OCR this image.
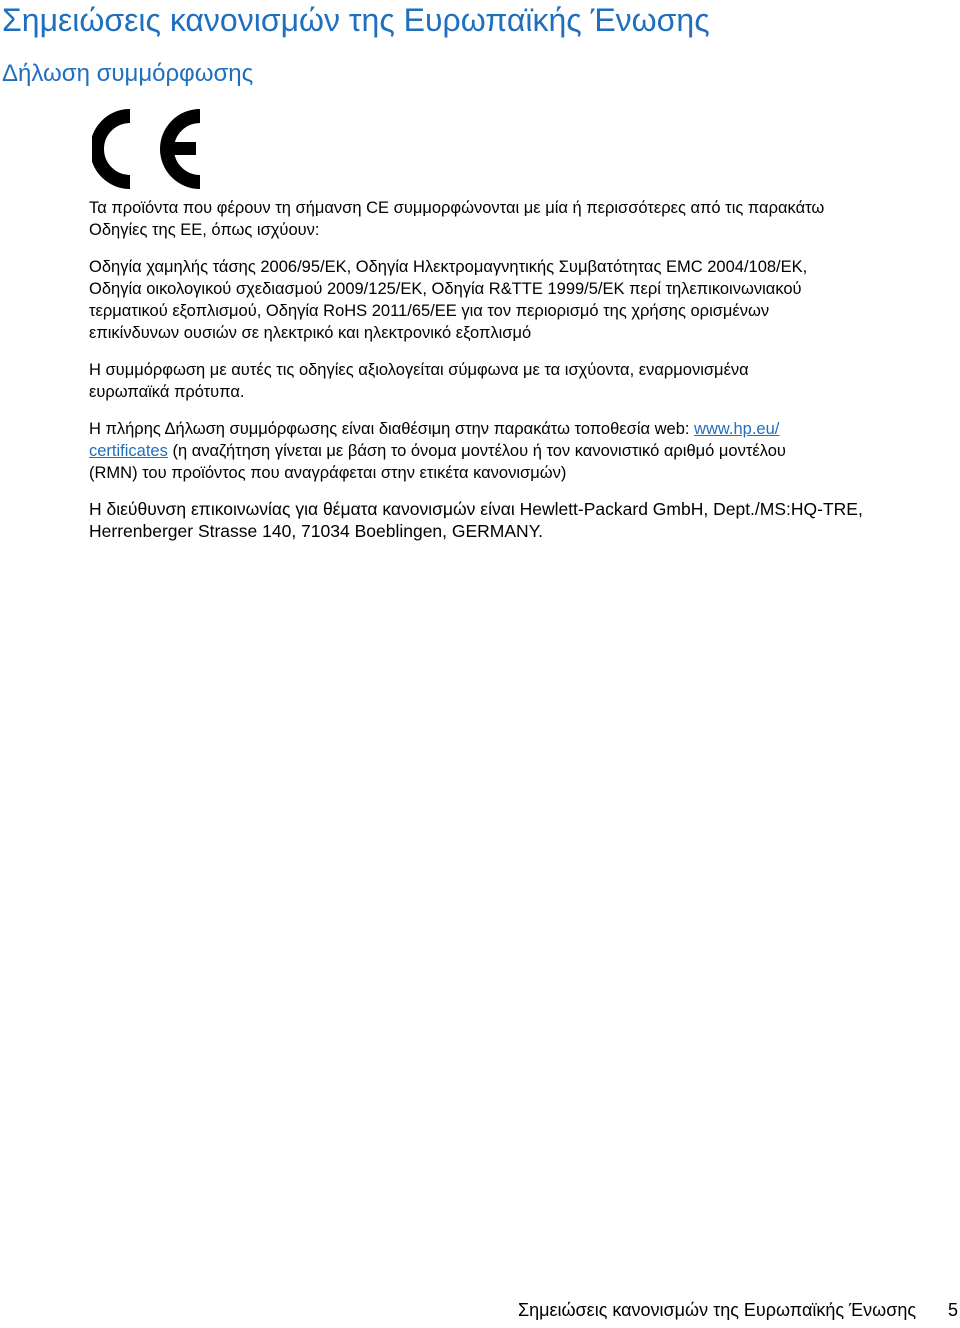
Σημειώσεις κανονισμών της Ευρωπαϊκής Ένωσης
Δήλωση συμμόρφωσης

Τα προϊόντα που φέρουν τη σήμανση CE συμμορφώνονται με μία ή περισσότερες από τις παρακάτω
Οδηγίες της ΕΕ, όπως ισχύουν:

Οδηγία χαμηλής τάσης 2006/95/ΕΚ, Οδηγία Ηλεκτρομαγνητικής Συμβατότητας EMC 2004/108/ΕΚ,
Οδηγία οικολογικού σχεδιασμού 2009/125/ΕΚ, Οδηγία R&TTE 1999/5/ΕΚ περί τηλεπικοινωνιακού
τερματικού εξοπλισμού, Οδηγία RoHS 2011/65/ΕΕ για τον περιορισμό της χρήσης ορισμένων
επικίνδυνων ουσιών σε ηλεκτρικό και ηλεκτρονικό εξοπλισμό

Η συμμόρφωση με αυτές τις οδηγίες αξιολογείται σύμφωνα με τα ισχύοντα, εναρμονισμένα
ευρωπαϊκά πρότυπα.

Η πλήρης Δήλωση συμμόρφωσης είναι διαθέσιμη στην παρακάτω τοποθεσία web: www.hp.eu/
certificates (η αναζήτηση γίνεται με βάση το όνομα μοντέλου ή τον κανονιστικό αριθμό μοντέλου
(RMN) του προϊόντος που αναγράφεται στην ετικέτα κανονισμών)

Η διεύθυνση επικοινωνίας για θέματα κανονισμών είναι Hewlett-Packard GmbH, Dept./MS:HQ-TRE,
Herrenberger Strasse 140, 71034 Boeblingen, GERMANY.

Σημειώσεις κανονισμών της Ευρωπαϊκής Ένωσης 5
